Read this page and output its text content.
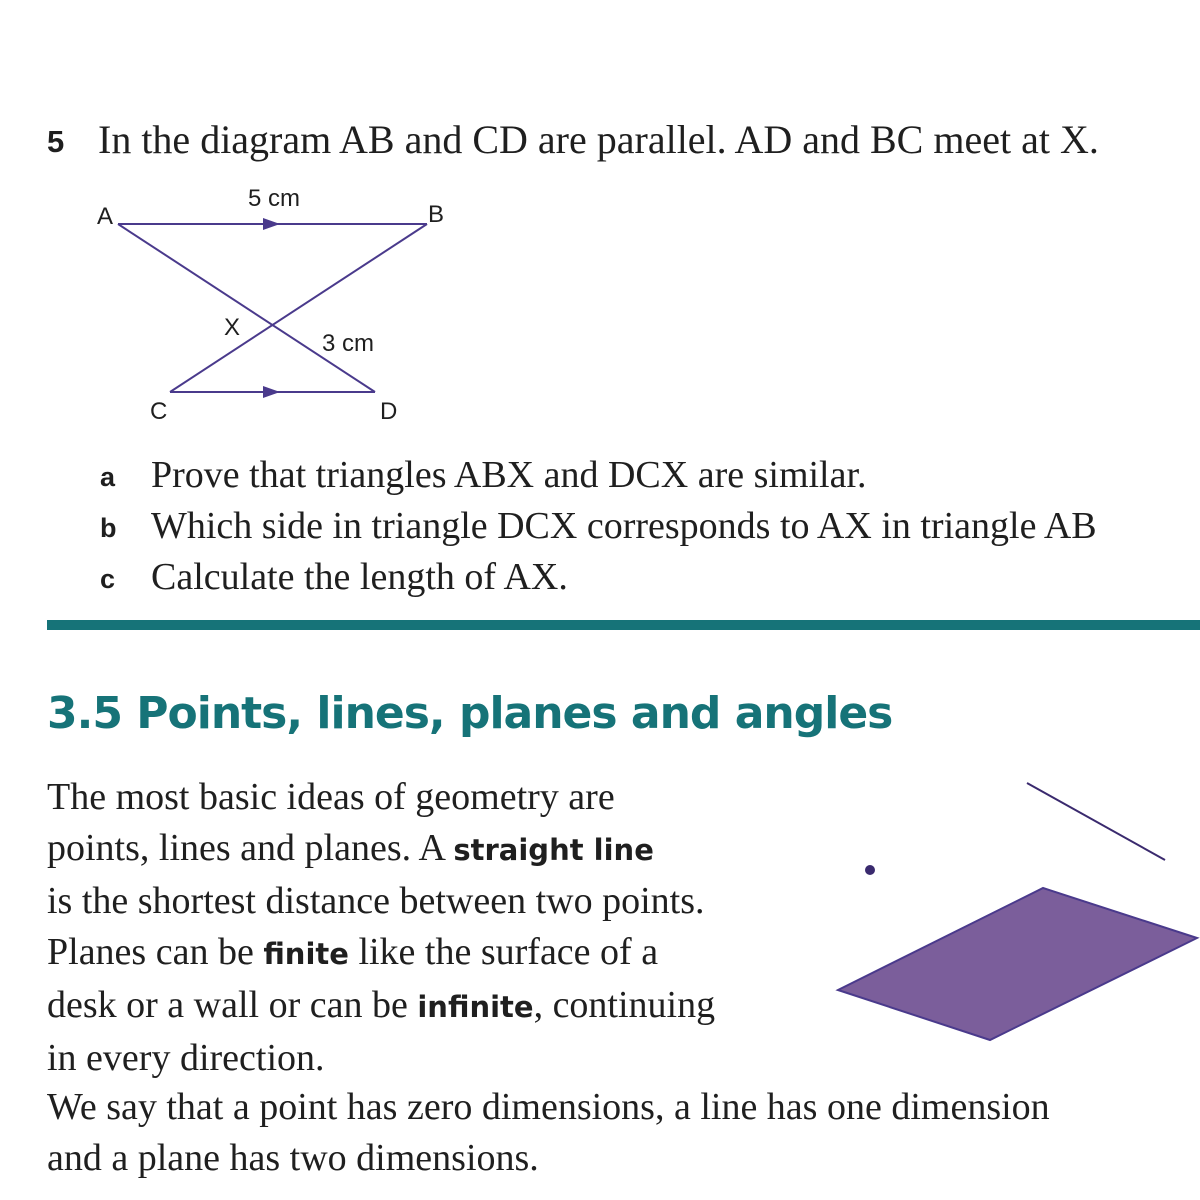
5 In the diagram AB and CD are parallel. AD and BC meet at X.
A	B
C	D
X
5 cm
3 cm
a Prove that triangles ABX and DCX are similar.
b Which side in triangle DCX corresponds to AX in triangle AB
c Calculate the length of AX.
3.5 Points, lines, planes and angles
The most basic ideas of geometry are
points, lines and planes. A straight line
is the shortest distance between two points.
Planes can be finite like the surface of a
desk or a wall or can be infinite, continuing
in every direction.
We say that a point has zero dimensions, a line has one dimension
and a plane has two dimensions.
